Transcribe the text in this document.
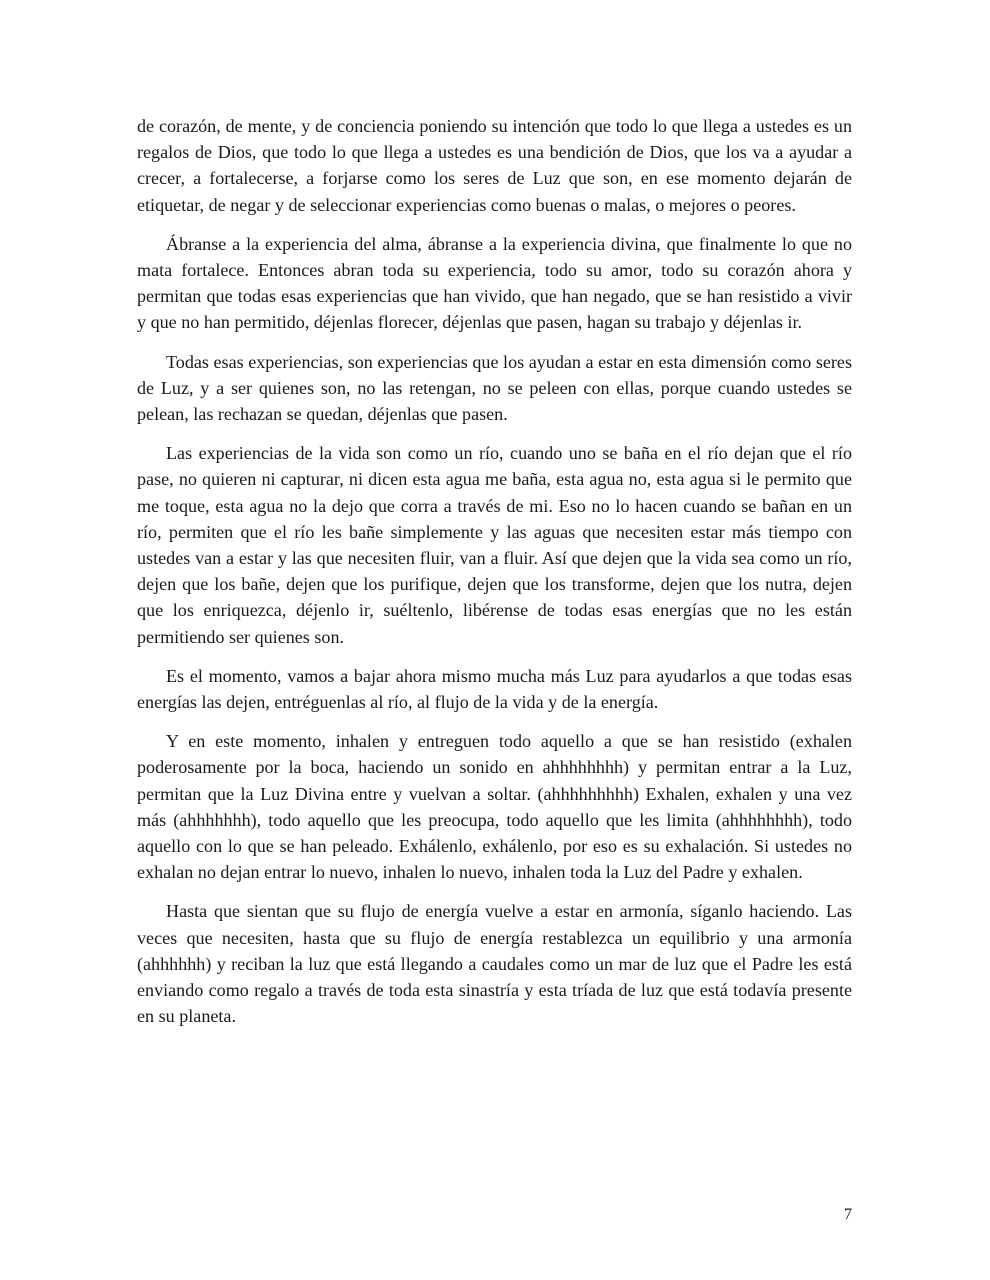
de corazón, de mente, y de conciencia poniendo su intención que todo lo que llega a ustedes es un regalos de Dios, que todo lo que llega a ustedes es una bendición de Dios, que los va a ayudar a crecer, a fortalecerse, a forjarse como los seres de Luz que son, en ese momento dejarán de etiquetar, de negar y de seleccionar experiencias como buenas o malas, o mejores o peores.

Ábranse a la experiencia del alma, ábranse a la experiencia divina, que finalmente lo que no mata fortalece. Entonces abran toda su experiencia, todo su amor, todo su corazón ahora y permitan que todas esas experiencias que han vivido, que han negado, que se han resistido a vivir y que no han permitido, déjenlas florecer, déjenlas que pasen, hagan su trabajo y déjenlas ir.

Todas esas experiencias, son experiencias que los ayudan a estar en esta dimensión como seres de Luz, y a ser quienes son, no las retengan, no se peleen con ellas, porque cuando ustedes se pelean, las rechazan se quedan, déjenlas que pasen.

Las experiencias de la vida son como un río, cuando uno se baña en el río dejan que el río pase, no quieren ni capturar, ni dicen esta agua me baña, esta agua no, esta agua si le permito que me toque, esta agua no la dejo que corra a través de mi. Eso no lo hacen cuando se bañan en un río, permiten que el río les bañe simplemente y las aguas que necesiten estar más tiempo con ustedes van a estar y las que necesiten fluir, van a fluir. Así que dejen que la vida sea como un río, dejen que los bañe, dejen que los purifique, dejen que los transforme, dejen que los nutra, dejen que los enriquezca, déjenlo ir, suéltenlo, libérense de todas esas energías que no les están permitiendo ser quienes son.

Es el momento, vamos a bajar ahora mismo mucha más Luz para ayudarlos a que todas esas energías las dejen, entréguenlas al río, al flujo de la vida y de la energía.

Y en este momento, inhalen y entreguen todo aquello a que se han resistido (exhalen poderosamente por la boca, haciendo un sonido en ahhhhhhhh) y permitan entrar a la Luz, permitan que la Luz Divina entre y vuelvan a soltar. (ahhhhhhhhh) Exhalen, exhalen y una vez más (ahhhhhhh), todo aquello que les preocupa, todo aquello que les limita (ahhhhhhhh), todo aquello con lo que se han peleado. Exhálenlo, exhálenlo, por eso es su exhalación. Si ustedes no exhalan no dejan entrar lo nuevo, inhalen lo nuevo, inhalen toda la Luz del Padre y exhalen.

Hasta que sientan que su flujo de energía vuelve a estar en armonía, síganlo haciendo. Las veces que necesiten, hasta que su flujo de energía restablezca un equilibrio y una armonía (ahhhhhh) y reciban la luz que está llegando a caudales como un mar de luz que el Padre les está enviando como regalo a través de toda esta sinastría y esta tríada de luz que está todavía presente en su planeta.

7
